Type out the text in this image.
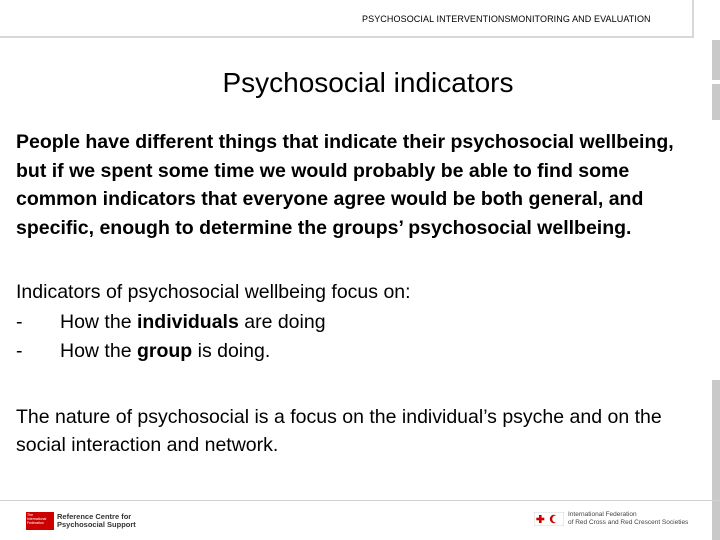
PSYCHOSOCIAL INTERVENTIONSMONITORING AND EVALUATION
Psychosocial indicators

People have different things that indicate their psychosocial wellbeing, but if we spent some time we would probably be able to find some common indicators that everyone agree would be both general, and specific, enough to determine the groups’ psychosocial wellbeing.

Indicators of psychosocial wellbeing focus on:
-	How the individuals are doing
-	How the group is doing.
The nature of psychosocial is a focus on the individual’s psyche and on the social interaction and network.
The International Federation
Reference Centre for
Psychosocial Support
International Federation
of Red Cross and Red Crescent Societies
